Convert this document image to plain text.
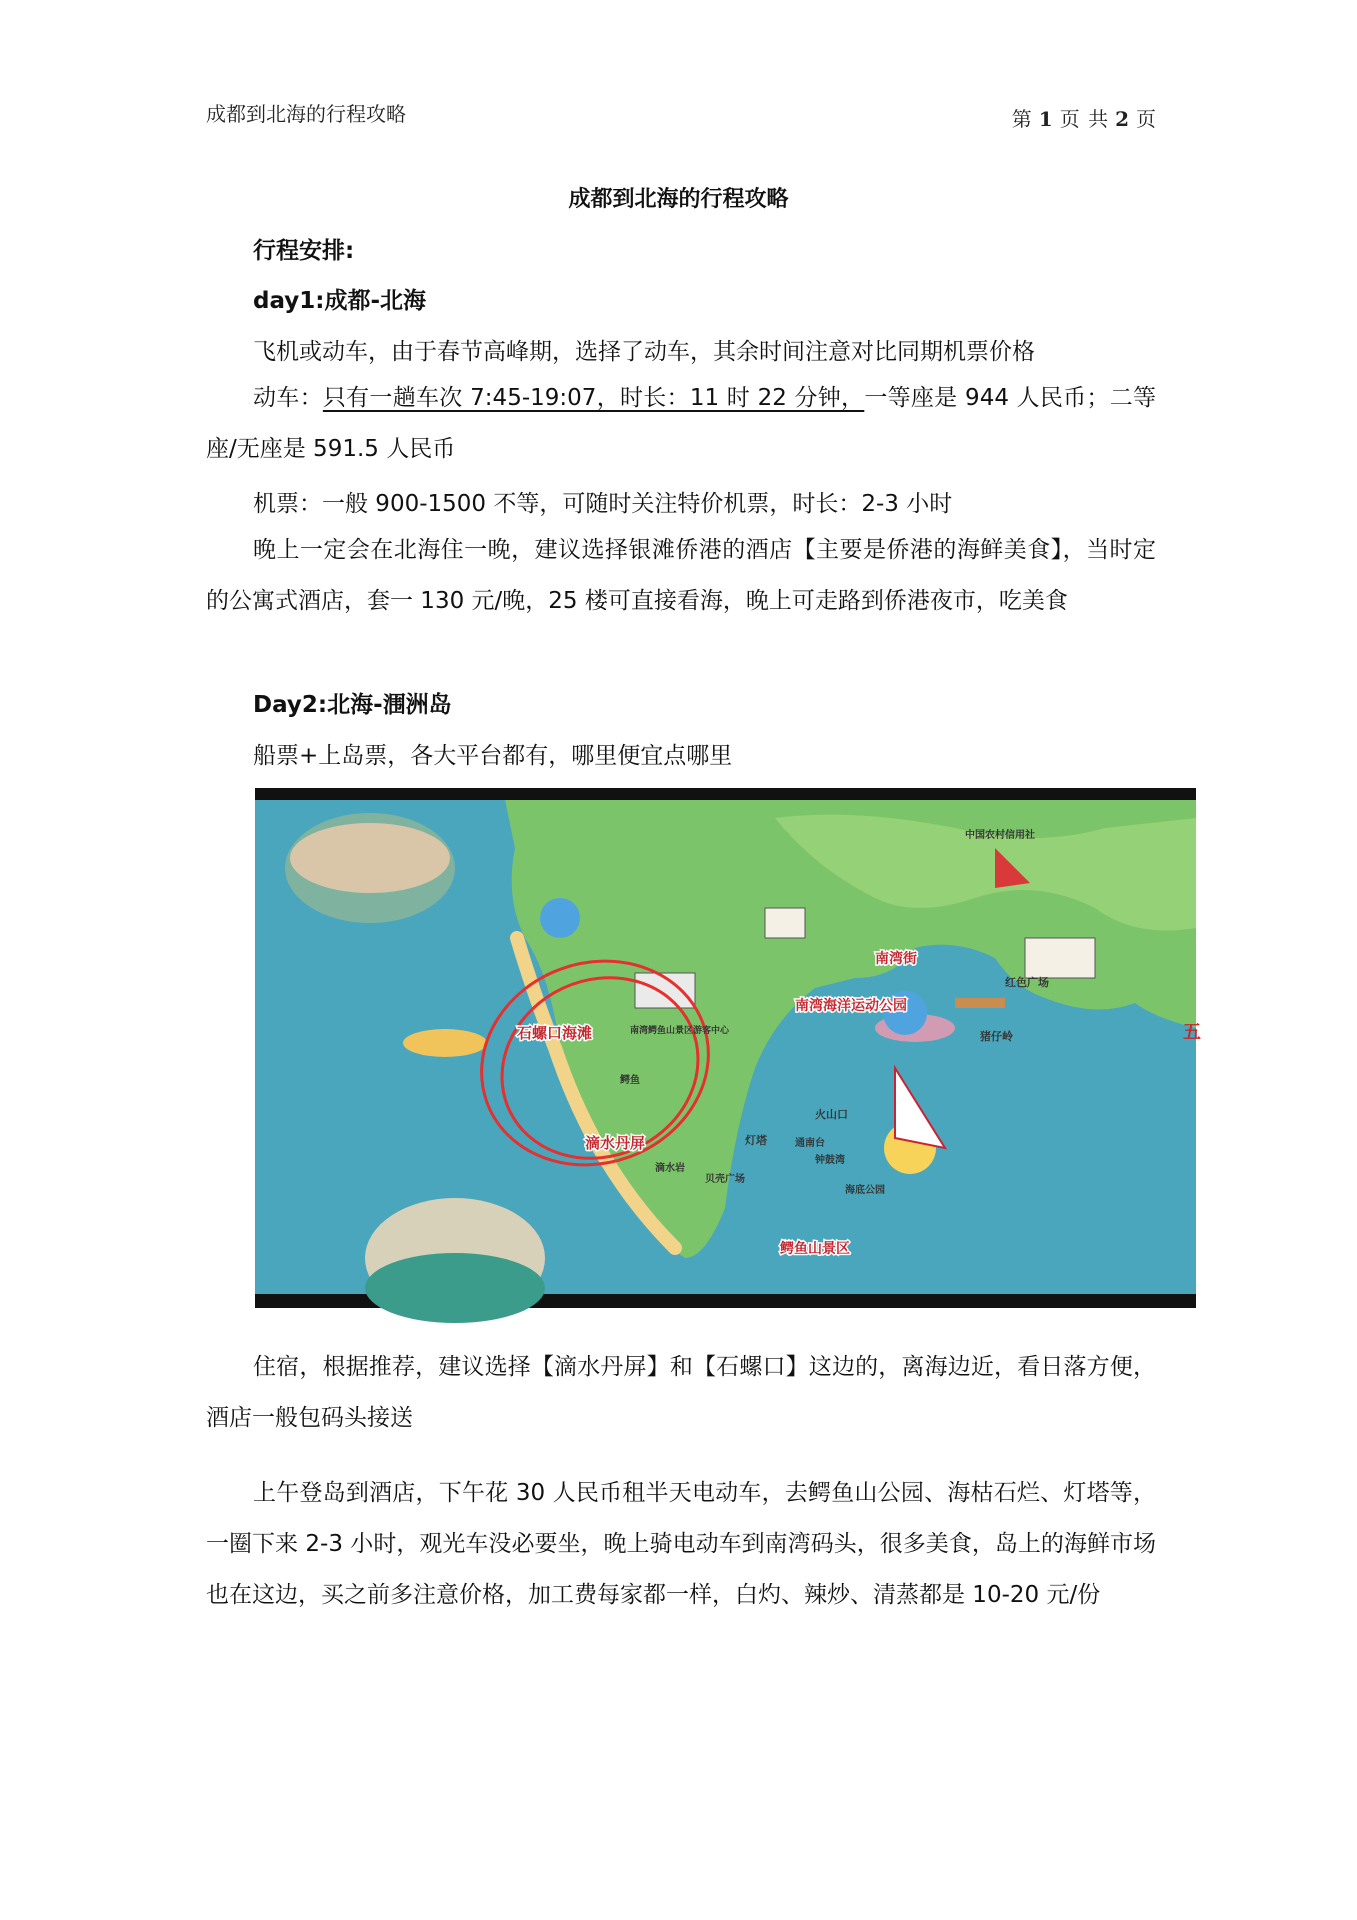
成都到北海的行程攻略	第 1 页 共 2 页
成都到北海的行程攻略
行程安排:
day1:成都-北海
飞机或动车，由于春节高峰期，选择了动车，其余时间注意对比同期机票价格
动车：只有一趟车次 7:45-19:07，时长：11 时 22 分钟，一等座是 944 人民币；二等座/无座是 591.5 人民币
机票：一般 900-1500 不等，可随时关注特价机票，时长：2-3 小时
晚上一定会在北海住一晚，建议选择银滩侨港的酒店【主要是侨港的海鲜美食】，当时定的公寓式酒店，套一 130 元/晚，25 楼可直接看海，晚上可走路到侨港夜市，吃美食
Day2:北海-涠洲岛
船票+上岛票，各大平台都有，哪里便宜点哪里
石螺口海滩
滴水丹屏
南湾街
南湾海洋运动公园
鳄鱼山景区
红色广场
中国农村信用社
五
火山口
灯塔
猪仔岭
滴水岩
通南台
钟鼓湾
贝壳广场
南湾鳄鱼山景区游客中心
鳄鱼
海底公园
住宿，根据推荐，建议选择【滴水丹屏】和【石螺口】这边的，离海边近，看日落方便，酒店一般包码头接送
上午登岛到酒店，下午花 30 人民币租半天电动车，去鳄鱼山公园、海枯石烂、灯塔等，一圈下来 2-3 小时，观光车没必要坐，晚上骑电动车到南湾码头，很多美食，岛上的海鲜市场也在这边，买之前多注意价格，加工费每家都一样，白灼、辣炒、清蒸都是 10-20 元/份
